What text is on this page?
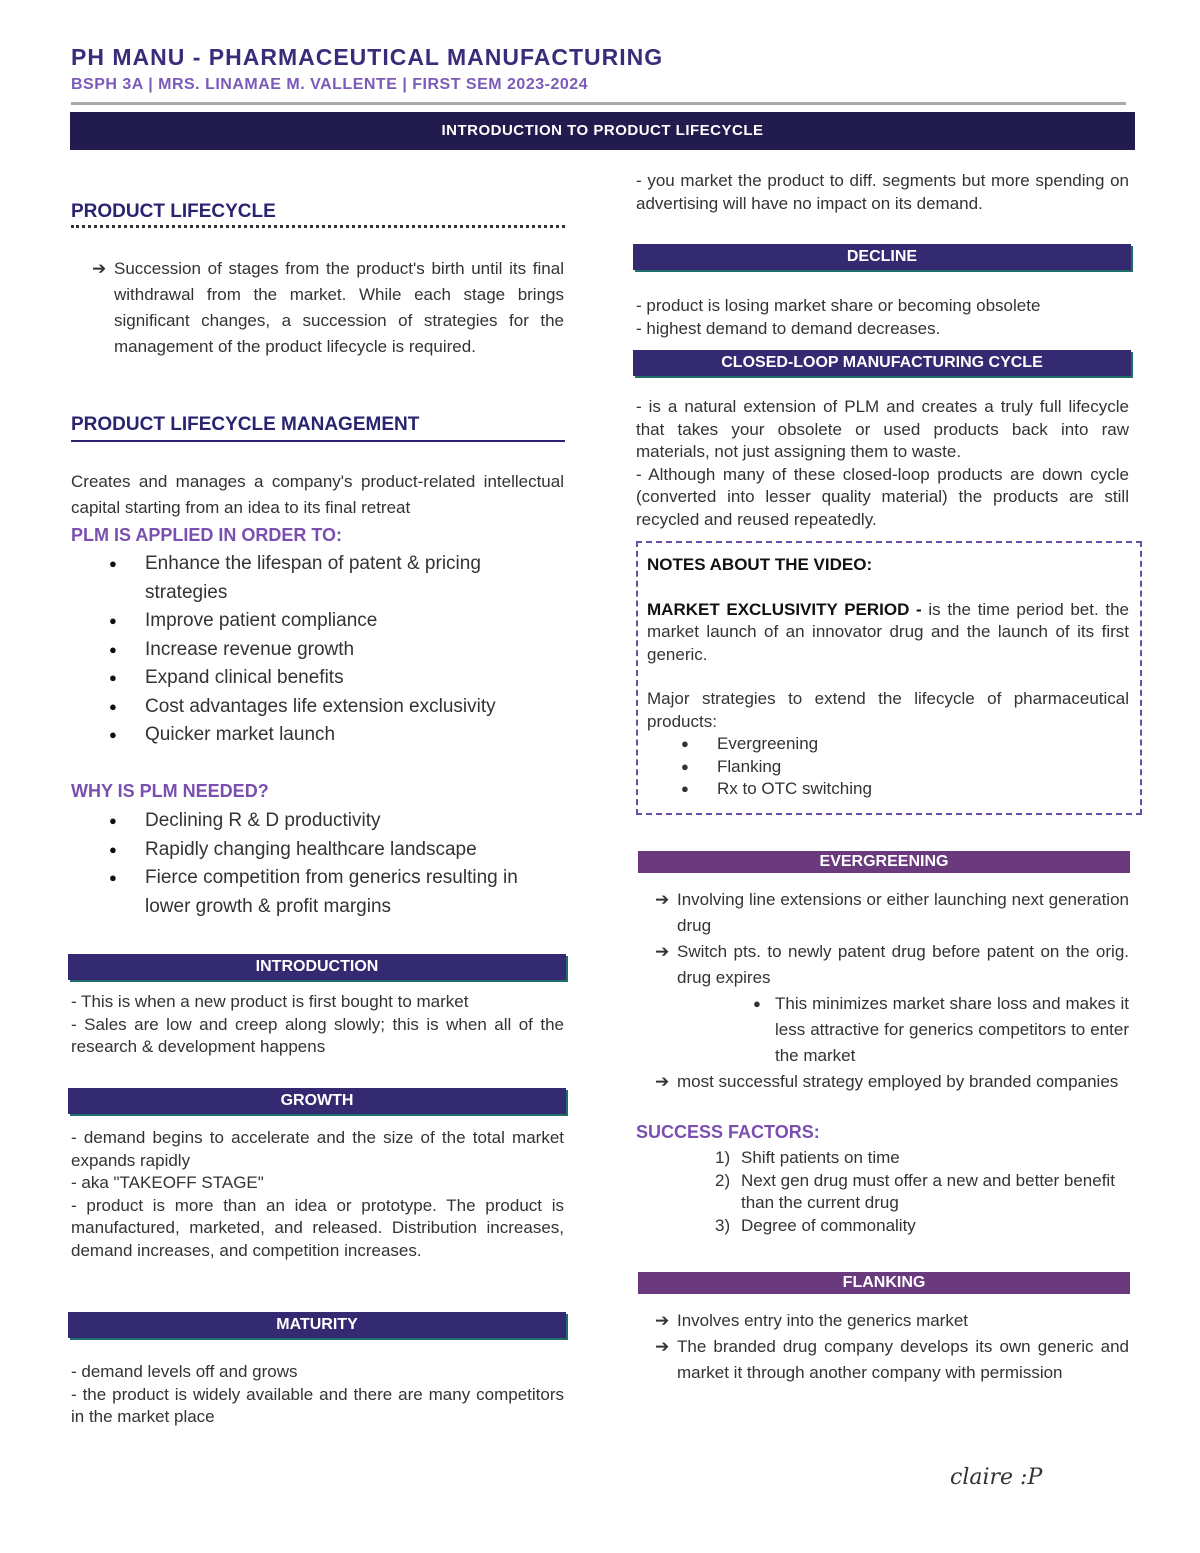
PH MANU - PHARMACEUTICAL MANUFACTURING
BSPH 3A | MRS. LINAMAE M. VALLENTE | FIRST SEM 2023-2024
INTRODUCTION TO PRODUCT LIFECYCLE
PRODUCT LIFECYCLE
➔ Succession of stages from the product's birth until its final withdrawal from the market. While each stage brings significant changes, a succession of strategies for the management of the product lifecycle is required.
PRODUCT LIFECYCLE MANAGEMENT
Creates and manages a company's product-related intellectual capital starting from an idea to its final retreat
PLM IS APPLIED IN ORDER TO:
● Enhance the lifespan of patent & pricing strategies
● Improve patient compliance
● Increase revenue growth
● Expand clinical benefits
● Cost advantages life extension exclusivity
● Quicker market launch
WHY IS PLM NEEDED?
● Declining R & D productivity
● Rapidly changing healthcare landscape
● Fierce competition from generics resulting in lower growth & profit margins
INTRODUCTION
- This is when a new product is first bought to market
- Sales are low and creep along slowly; this is when all of the research & development happens
GROWTH
- demand begins to accelerate and the size of the total market expands rapidly
- aka "TAKEOFF STAGE"
- product is more than an idea or prototype. The product is manufactured, marketed, and released. Distribution increases, demand increases, and competition increases.
MATURITY
- demand levels off and grows
- the product is widely available and there are many competitors in the market place
- you market the product to diff. segments but more spending on advertising will have no impact on its demand.
DECLINE
- product is losing market share or becoming obsolete
- highest demand to demand decreases.
CLOSED-LOOP MANUFACTURING CYCLE
- is a natural extension of PLM and creates a truly full lifecycle that takes your obsolete or used products back into raw materials, not just assigning them to waste.
- Although many of these closed-loop products are down cycle (converted into lesser quality material) the products are still recycled and reused repeatedly.
NOTES ABOUT THE VIDEO:
MARKET EXCLUSIVITY PERIOD - is the time period bet. the market launch of an innovator drug and the launch of its first generic.
Major strategies to extend the lifecycle of pharmaceutical products:
●	Evergreening
●	Flanking
●	Rx to OTC switching
EVERGREENING
➔ Involving line extensions or either launching next generation drug
➔ Switch pts. to newly patent drug before patent on the orig. drug expires
● This minimizes market share loss and makes it less attractive for generics competitors to enter the market
➔ most successful strategy employed by branded companies
SUCCESS FACTORS:
1) Shift patients on time
2) Next gen drug must offer a new and better benefit than the current drug
3) Degree of commonality
FLANKING
➔ Involves entry into the generics market
➔ The branded drug company develops its own generic and market it through another company with permission
claire :P
